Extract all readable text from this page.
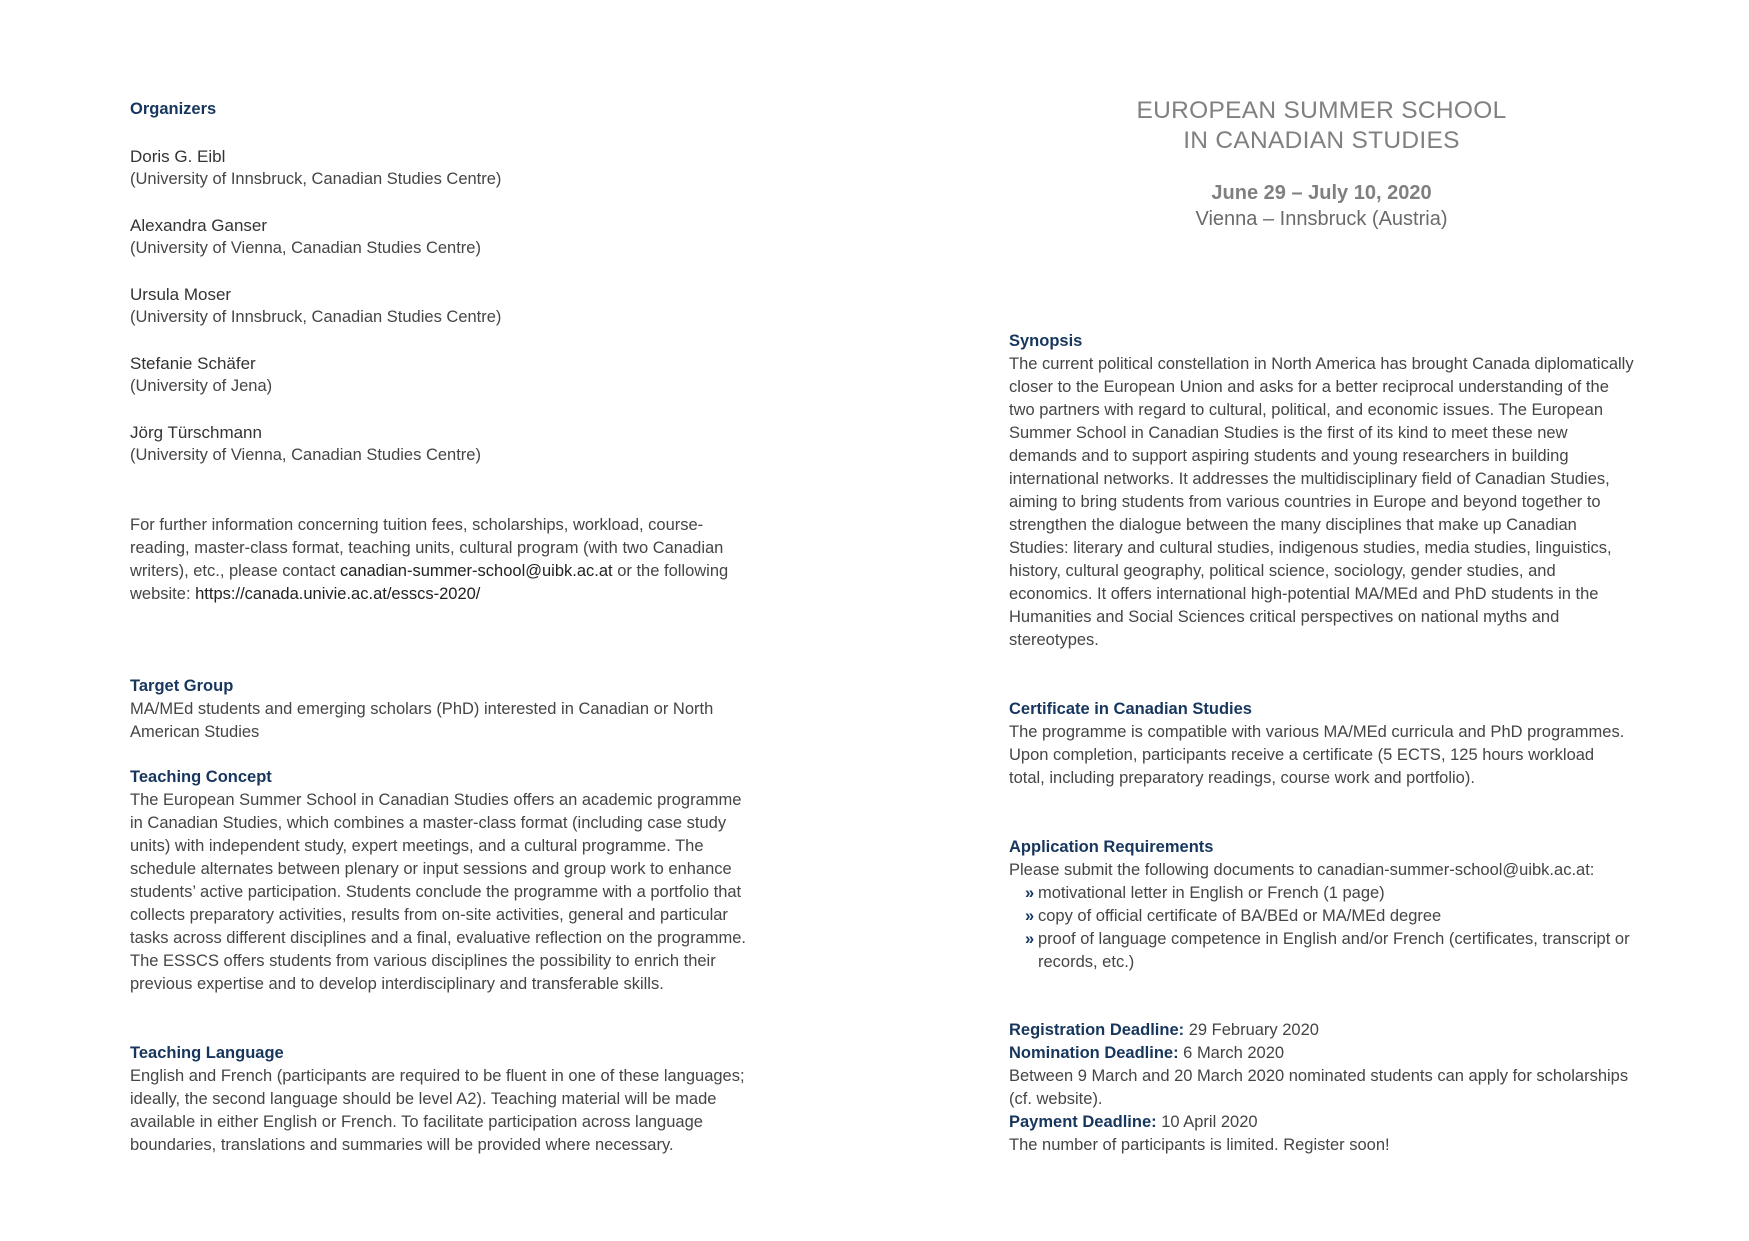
Organizers

Doris G. Eibl

(University of Innsbruck, Canadian Studies Centre)

Alexandra Ganser

(University of Vienna, Canadian Studies Centre)

Ursula Moser

(University of Innsbruck, Canadian Studies Centre)

Stefanie Schäfer

(University of Jena)

Jörg Türschmann

(University of Vienna, Canadian Studies Centre)

For further information concerning tuition fees, scholarships, workload, course-reading, master-class format, teaching units, cultural program (with two Canadian writers), etc., please contact canadian-summer-school@uibk.ac.at or the following website: https://canada.univie.ac.at/esscs-2020/

Target Group

MA/MEd students and emerging scholars (PhD) interested in Canadian or North American Studies

Teaching Concept

The European Summer School in Canadian Studies offers an academic programme in Canadian Studies, which combines a master-class format (including case study units) with independent study, expert meetings, and a cultural programme. The schedule alternates between plenary or input sessions and group work to enhance students’ active participation. Students conclude the programme with a portfolio that collects preparatory activities, results from on-site activities, general and particular tasks across different disciplines and a final, evaluative reflection on the programme. The ESSCS offers students from various disciplines the possibility to enrich their previous expertise and to develop interdisciplinary and transferable skills.

Teaching Language

English and French (participants are required to be fluent in one of these languages; ideally, the second language should be level A2). Teaching material will be made available in either English or French. To facilitate participation across language boundaries, translations and summaries will be provided where necessary.

EUROPEAN SUMMER SCHOOL

IN CANADIAN STUDIES

June 29 – July 10, 2020

Vienna – Innsbruck (Austria)

Synopsis

The current political constellation in North America has brought Canada diplomatically closer to the European Union and asks for a better reciprocal understanding of the two partners with regard to cultural, political, and economic issues. The European Summer School in Canadian Studies is the first of its kind to meet these new demands and to support aspiring students and young researchers in building international networks. It addresses the multidisciplinary field of Canadian Studies, aiming to bring students from various countries in Europe and beyond together to strengthen the dialogue between the many disciplines that make up Canadian Studies: literary and cultural studies, indigenous studies, media studies, linguistics, history, cultural geography, political science, sociology, gender studies, and economics. It offers international high-potential MA/MEd and PhD students in the Humanities and Social Sciences critical perspectives on national myths and stereotypes.

Certificate in Canadian Studies

The programme is compatible with various MA/MEd curricula and PhD programmes. Upon completion, participants receive a certificate (5 ECTS, 125 hours workload total, including preparatory readings, course work and portfolio).

Application Requirements

Please submit the following documents to canadian-summer-school@uibk.ac.at:

» motivational letter in English or French (1 page)
» copy of official certificate of BA/BEd or MA/MEd degree
» proof of language competence in English and/or French (certificates, transcript or records, etc.)

Registration Deadline: 29 February 2020

Nomination Deadline: 6 March 2020

Between 9 March and 20 March 2020 nominated students can apply for scholarships (cf. website).

Payment Deadline: 10 April 2020

The number of participants is limited. Register soon!
